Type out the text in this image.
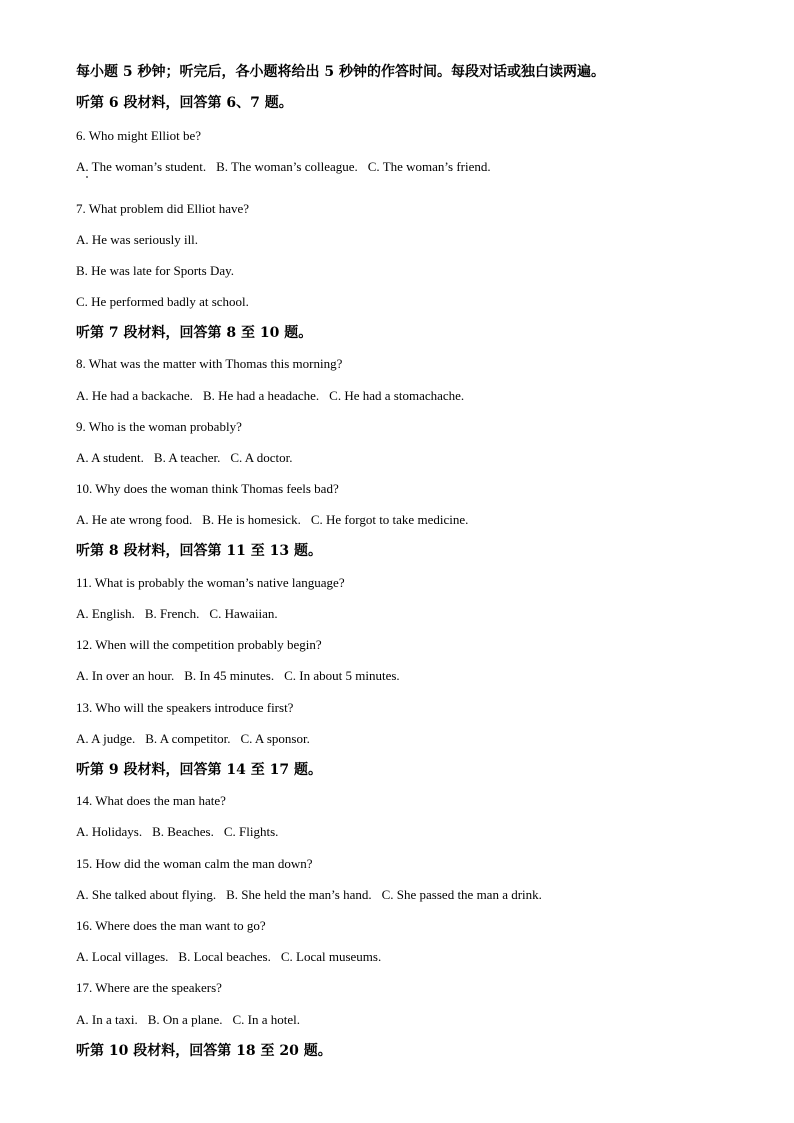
每小题 5 秒钟；听完后，各小题将给出 5 秒钟的作答时间。每段对话或独白读两遍。
听第 6 段材料，回答第 6、7 题。
6. Who might Elliot be?
A. The woman’s student. B. The woman’s colleague. C. The woman’s friend.
7. What problem did Elliot have?
A. He was seriously ill.
B. He was late for Sports Day.
C. He performed badly at school.
听第 7 段材料，回答第 8 至 10 题。
8. What was the matter with Thomas this morning?
A. He had a backache. B. He had a headache. C. He had a stomachache.
9. Who is the woman probably?
A. A student. B. A teacher. C. A doctor.
10. Why does the woman think Thomas feels bad?
A. He ate wrong food. B. He is homesick. C. He forgot to take medicine.
听第 8 段材料，回答第 11 至 13 题。
11. What is probably the woman’s native language?
A. English. B. French. C. Hawaiian.
12. When will the competition probably begin?
A. In over an hour. B. In 45 minutes. C. In about 5 minutes.
13. Who will the speakers introduce first?
A. A judge. B. A competitor. C. A sponsor.
听第 9 段材料，回答第 14 至 17 题。
14. What does the man hate?
A. Holidays. B. Beaches. C. Flights.
15. How did the woman calm the man down?
A. She talked about flying. B. She held the man’s hand. C. She passed the man a drink.
16. Where does the man want to go?
A. Local villages. B. Local beaches. C. Local museums.
17. Where are the speakers?
A. In a taxi. B. On a plane. C. In a hotel.
听第 10 段材料，回答第 18 至 20 题。
